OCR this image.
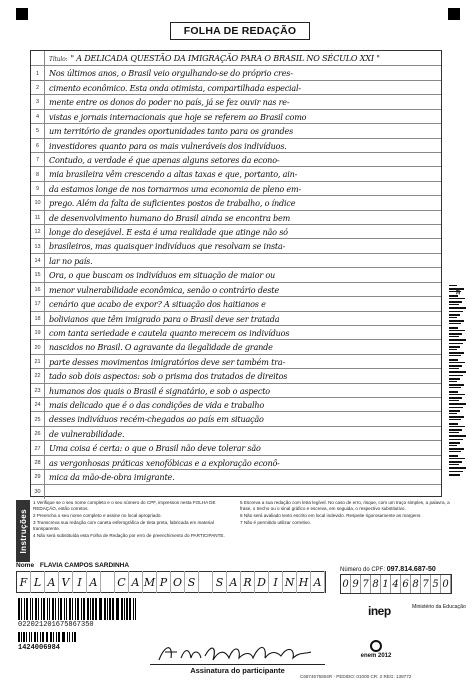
FOLHA DE REDAÇÃO
Título: " A DELICADA QUESTÃO DA IMIGRAÇÃO PARA O BRASIL NO SÉCULO XXI "
1	Nos últimos anos, o Brasil veio orgulhando-se do próprio cres-
2	cimento econômico. Esta onda otimista, compartilhada especial-
3	mente entre os donos do poder no país, já se fez ouvir nas re-
4	vistas e jornais internacionais que hoje se referem ao Brasil como
5	um território de grandes oportunidades tanto para os grandes
6	investidores quanto para os mais vulneráveis dos indivíduos.
7	Contudo, a verdade é que apenas alguns setores da econo-
8	mia brasileira vêm crescendo a altas taxas e que, portanto, ain-
9	da estamos longe de nos tornarmos uma economia de pleno em-
10	prego. Além da falta de suficientes postos de trabalho, o índice
11	de desenvolvimento humano do Brasil ainda se encontra bem
12	longe do desejável. E esta é uma realidade que atinge não só
13	brasileiros, mas quaisquer indivíduos que resolvam se insta-
14	lar no país.
15	Ora, o que buscam os indivíduos em situação de maior ou
16	menor vulnerabilidade econômica, senão o contrário deste
17	cenário que acabo de expor? A situação dos haitianos e
18	bolivianos que têm imigrado para o Brasil deve ser tratada
19	com tanta seriedade e cautela quanto merecem os indivíduos
20	nascidos no Brasil. O agravante da ilegalidade de grande
21	parte desses movimentos imigratórios deve ser também tra-
22	tado sob dois aspectos: sob o prisma dos tratados de direitos
23	humanos dos quais o Brasil é signatário, e sob o aspecto
24	mais delicado que é o das condições de vida e trabalho
25	desses indivíduos recém-chegados ao país em situação
26	de vulnerabilidade.
27	Uma coisa é certa: o que o Brasil não deve tolerar são
28	as vergonhosas práticas xenofóbicas e a exploração econô-
29	mica da mão-de-obra imigrante.
30
16
Instruções
1 Verifique se o seu nome completo e o seu número do CPF, impressos nesta FOLHA DE REDAÇÃO, estão corretos.
2 Preencha o seu nome completo e assine no local apropriado.
3 Transcreva sua redação com caneta esferográfica de tinta preta, fabricada em material transparente.
4 Não será substituída esta Folha de Redação por erro de preenchimento do PARTICIPANTE.
5 Escreva a sua redação com letra legível. No caso de erro, risque, com um traço simples, a palavra, a frase, o trecho ou o sinal gráfico e escreva, em seguida, o respectivo substitutivo.
6 Não será avaliado texto escrito em local indevido. Respeite rigorosamente as margens.
7 Não é permitido utilizar corretivo.
Nome FLAVIA CAMPOS SARDINHA
F L A V I A	C A M P O S	S A R D I N H A
Número do CPF: 097.814.687-50
0 9 7 8 1 4 6 8 7 5 0
02202120167586735​0
1424006984
Assinatura do participante
inep	Ministério da Educação
enem 2012
C6874675804R - PEDIDO: 01000 CR: 2 REG: 138772
